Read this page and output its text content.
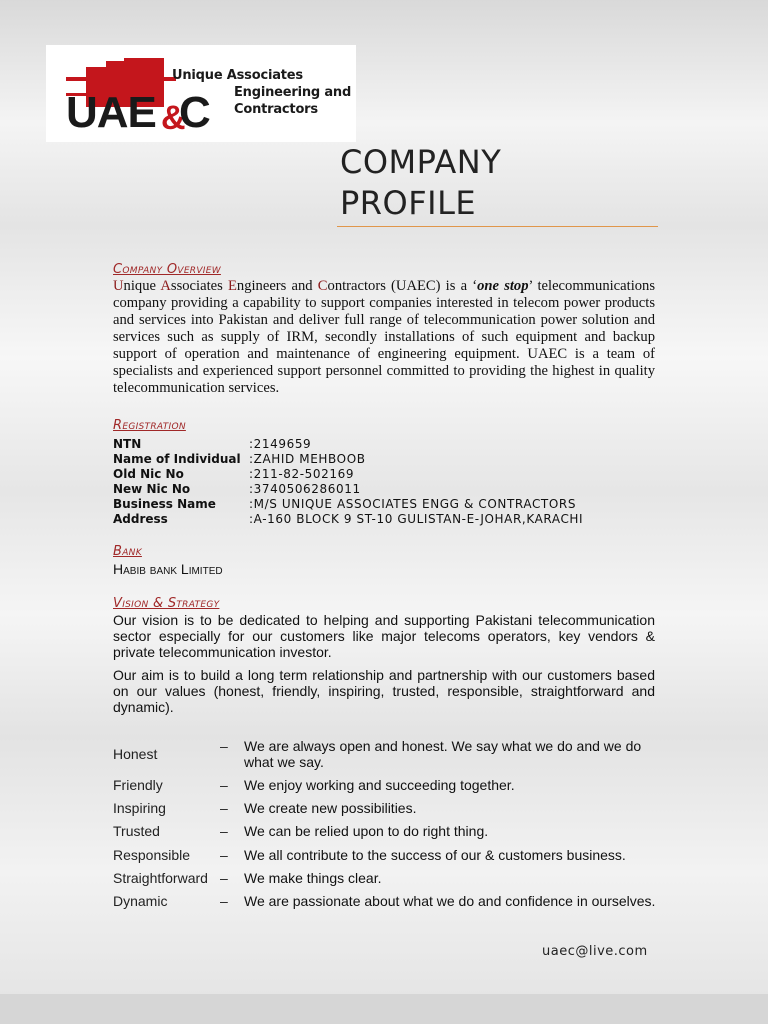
UAE &
C
Unique Associates
Engineering and
Contractors
COMPANY
PROFILE
Company Overview
Unique Associates Engineers and Contractors (UAEC) is a ‘one stop’ telecommunications company providing a capability to support companies interested in telecom power products and services into Pakistan and deliver full range of telecommunication power solution and services such as supply of IRM, secondly installations of such equipment and backup support of operation and maintenance of engineering equipment. UAEC is a team of specialists and experienced support personnel committed to providing the highest in quality telecommunication services.
Registration
NTN	:2149659
Name of Individual :ZAHID MEHBOOB
Old Nic No	:211-82-502169
New Nic No	:3740506286011
Business Name	:M/S UNIQUE ASSOCIATES ENGG & CONTRACTORS
Address	:A-160 BLOCK 9 ST-10 GULISTAN-E-JOHAR,KARACHI
Bank
Habib bank Limited
Vision & Strategy
Our vision is to be dedicated to helping and supporting Pakistani telecommunication sector especially for our customers like major telecoms operators, key vendors & private telecommunication investor.
Our aim is to build a long term relationship and partnership with our customers based on our values (honest, friendly, inspiring, trusted, responsible, straightforward and dynamic).
Honest	– We are always open and honest. We say what we do and we do what we say.
Friendly	– We enjoy working and succeeding together.
Inspiring	– We create new possibilities.
Trusted	– We can be relied upon to do right thing.
Responsible – We all contribute to the success of our & customers business.
Straightforward – We make things clear.
Dynamic	– We are passionate about what we do and confidence in ourselves.
uaec@live.com
